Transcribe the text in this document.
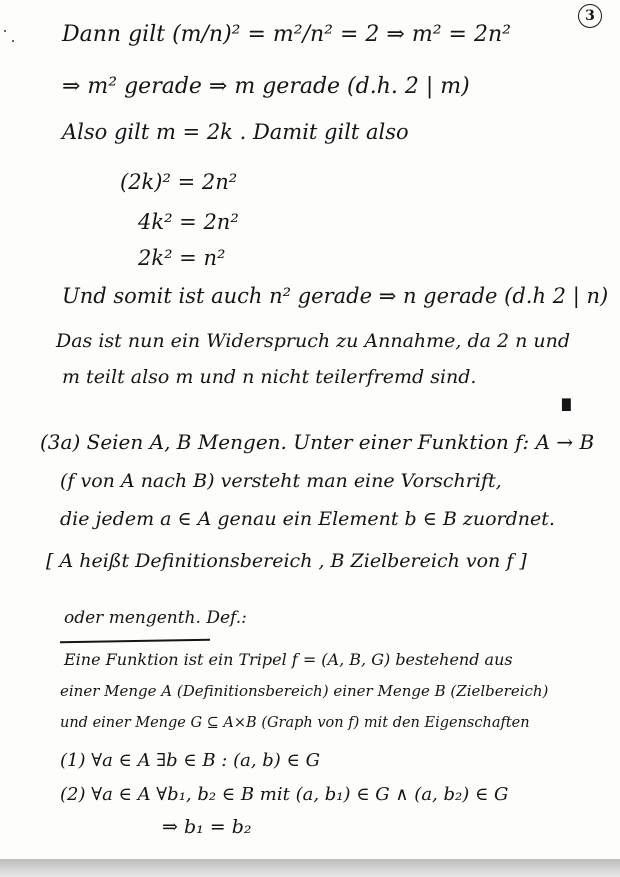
3
Dann gilt (m/n)² = m²/n² = 2 ⇒ m² = 2n²
⇒ m² gerade ⇒ m gerade (d.h. 2 | m)
Also gilt m = 2k . Damit gilt also
(2k)² = 2n²
4k² = 2n²
2k² = n²
Und somit ist auch n² gerade ⇒ n gerade (d.h 2 | n)
Das ist nun ein Widerspruch zu Annahme, da 2 n und
m teilt also m und n nicht teilerfremd sind.
∎
(3a) Seien A, B Mengen. Unter einer Funktion f: A → B
(f von A nach B) versteht man eine Vorschrift,
die jedem a ∈ A genau ein Element b ∈ B zuordnet.
[ A heißt Definitionsbereich , B Zielbereich von f ]
oder mengenth. Def.:
Eine Funktion ist ein Tripel f = (A, B, G) bestehend aus
einer Menge A (Definitionsbereich) einer Menge B (Zielbereich)
und einer Menge G ⊆ A×B (Graph von f) mit den Eigenschaften
(1) ∀a ∈ A ∃b ∈ B : (a, b) ∈ G
(2) ∀a ∈ A ∀b₁, b₂ ∈ B mit (a, b₁) ∈ G ∧ (a, b₂) ∈ G
⇒ b₁ = b₂
